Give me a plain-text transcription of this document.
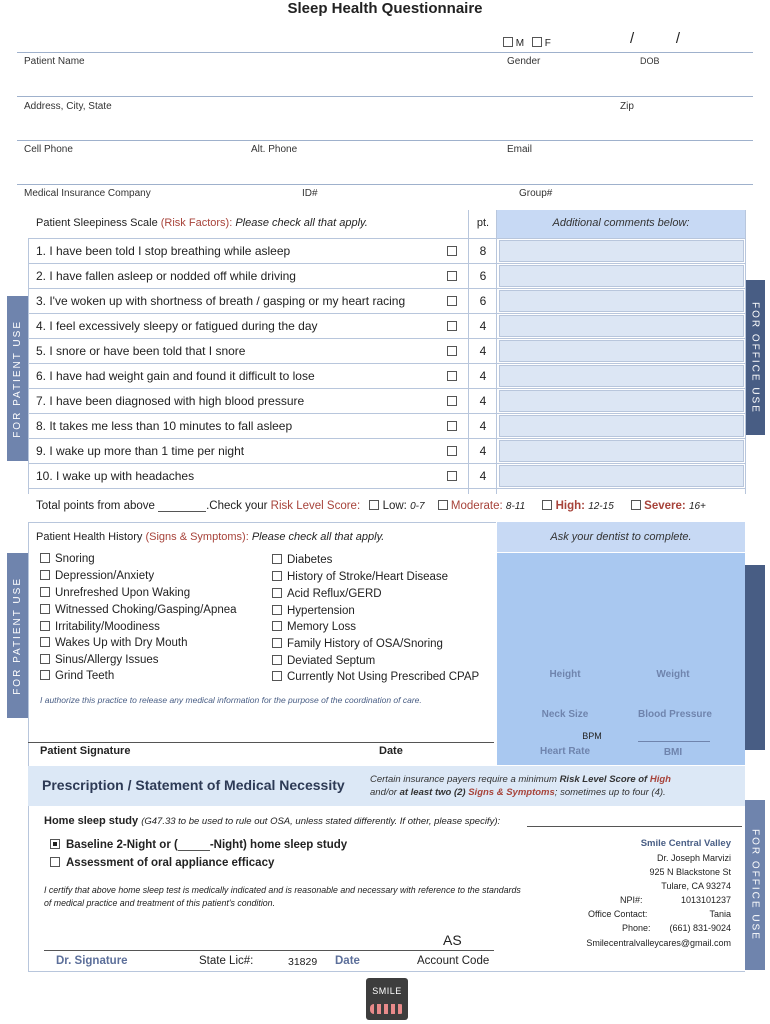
Sleep Health Questionnaire
M F	/          /
Patient Name	Gender	DOB
Address, City, State	Zip
Cell Phone	Alt. Phone	Email
Medical Insurance Company	ID#	Group#
FOR PATIENT USE	FOR OFFICE USE
FOR PATIENT USE
FOR OFFICE USE
Patient Sleepiness Scale (Risk Factors): Please check all that apply.	pt.	Additional comments below:
1. I have been told I stop breathing while asleep	8
2. I have fallen asleep or nodded off while driving	6
3. I've woken up with shortness of breath / gasping or my heart racing	6
4. I feel excessively sleepy or fatigued during the day	4
5. I snore or have been told that I snore	4
6. I have had weight gain and found it difficult to lose	4
7. I have been diagnosed with high blood pressure	4
8. It takes me less than 10 minutes to fall asleep	4
9. I wake up more than 1 time per night	4
10. I wake up with headaches	4
Total points from above	.Check your Risk Level Score: Low: 0-7 Moderate: 8-11	High: 12-15	Severe: 16+
Patient Health History (Signs & Symptoms): Please check all that apply.	Ask your dentist to complete.
Snoring
Depression/Anxiety
Unrefreshed Upon Waking
Witnessed Choking/Gasping/Apnea
Irritability/Moodiness
Wakes Up with Dry Mouth
Sinus/Allergy Issues
Grind Teeth
Diabetes
History of Stroke/Heart Disease
Acid Reflux/GERD
Hypertension
Memory Loss
Family History of OSA/Snoring
Deviated Septum
Currently Not Using Prescribed CPAP
I authorize this practice to release any medical information for the purpose of the coordination of care.
Patient Signature	Date
Height	Weight
Neck Size	Blood Pressure
BPM
Heart Rate	BMI
Prescription / Statement of Medical Necessity	Certain insurance payers require a minimum Risk Level Score of High
and/or at least two (2) Signs & Symptoms; sometimes up to four (4).
Home sleep study (G47.33 to be used to rule out OSA, unless stated differently. If other, please specify):
Baseline 2-Night or (	-Night) home sleep study
Assessment of oral appliance efficacy
I certify that above home sleep test is medically indicated and is reasonable and necessary with reference to the standards of medical practice and treatment of this patient's condition.
AS
Dr. Signature	State Lic#:	31829 Date	Account Code
Smile Central Valley
Dr. Joseph Marvizi
925 N Blackstone St
Tulare, CA 93274
NPI#:	1013101237
Office Contact:	Tania
Phone: (661) 831-9024
Smilecentralvalleycares@gmail.com
SMILE
